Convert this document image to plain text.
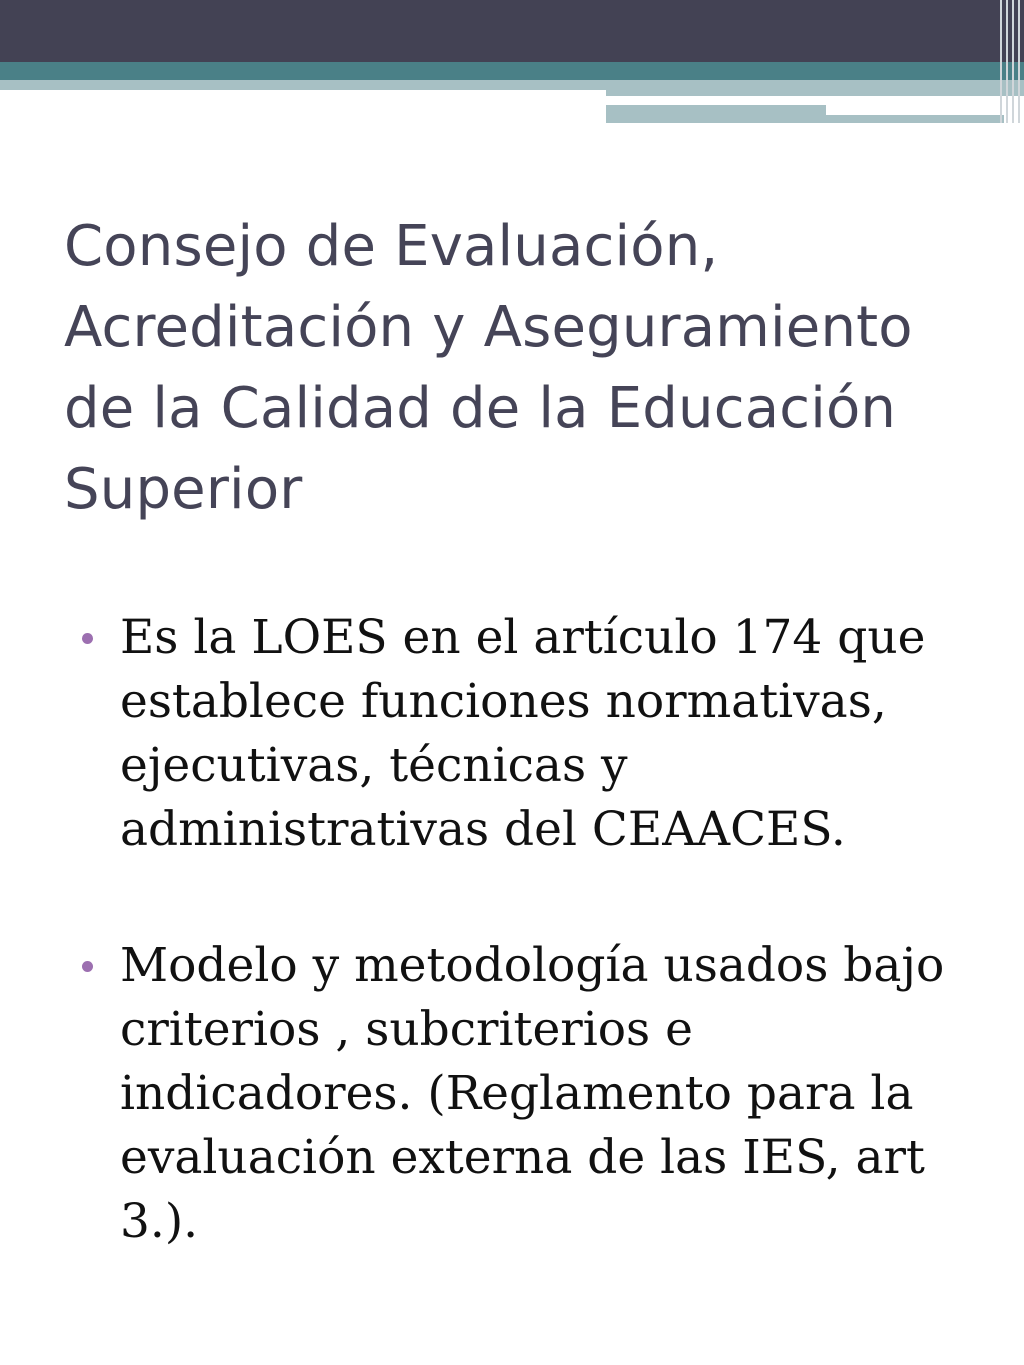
Consejo de Evaluación, Acreditación y Aseguramiento de la Calidad de la Educación Superior
Es la LOES en el artículo 174 que establece funciones normativas, ejecutivas, técnicas y administrativas del CEAACES.
Modelo y metodología usados bajo criterios , subcriterios e indicadores. (Reglamento para la evaluación externa de las IES, art 3.).
